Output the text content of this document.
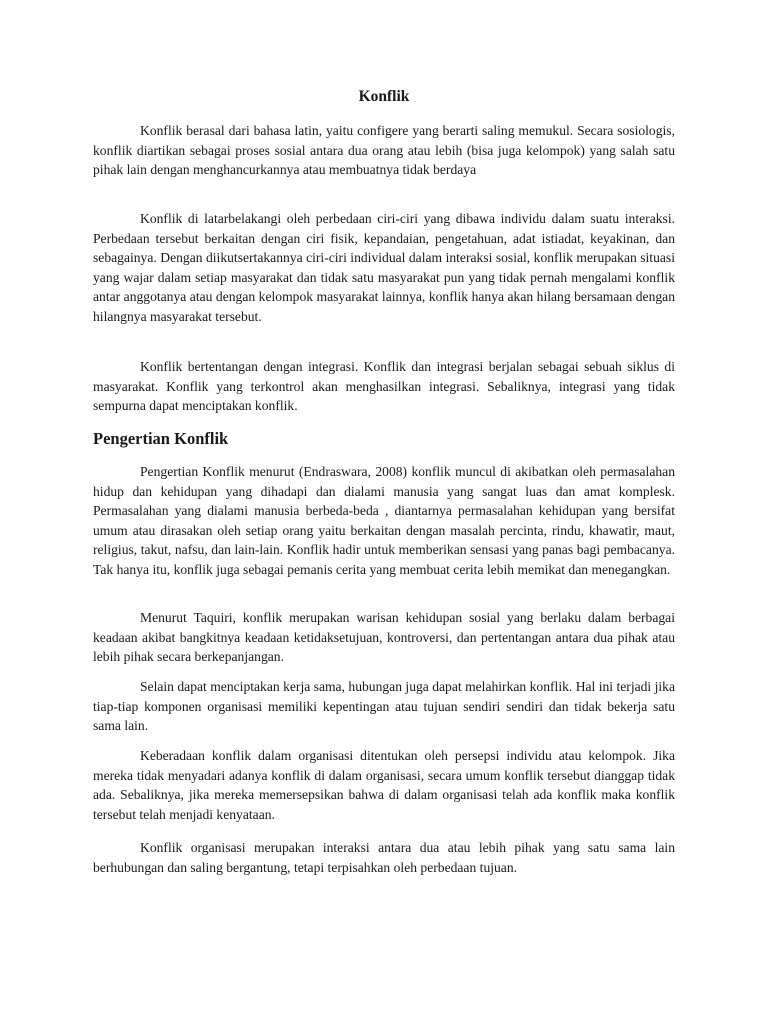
Konflik

Konflik berasal dari bahasa latin, yaitu configere yang berarti saling memukul. Secara sosiologis, konflik diartikan sebagai proses sosial antara dua orang atau lebih (bisa juga kelompok) yang salah satu pihak lain dengan menghancurkannya atau membuatnya tidak berdaya

Konflik di latarbelakangi oleh perbedaan ciri-ciri yang dibawa individu dalam suatu interaksi. Perbedaan tersebut berkaitan dengan ciri fisik, kepandaian, pengetahuan, adat istiadat, keyakinan, dan sebagainya. Dengan diikutsertakannya ciri-ciri individual dalam interaksi sosial, konflik merupakan situasi yang wajar dalam setiap masyarakat dan tidak satu masyarakat pun yang tidak pernah mengalami konflik antar anggotanya atau dengan kelompok masyarakat lainnya, konflik hanya akan hilang bersamaan dengan hilangnya masyarakat tersebut.

Konflik bertentangan dengan integrasi. Konflik dan integrasi berjalan sebagai sebuah siklus di masyarakat. Konflik yang terkontrol akan menghasilkan integrasi. Sebaliknya, integrasi yang tidak sempurna dapat menciptakan konflik.

Pengertian Konflik

Pengertian Konflik menurut (Endraswara, 2008) konflik muncul di akibatkan oleh permasalahan hidup dan kehidupan yang dihadapi dan dialami manusia yang sangat luas dan amat komplesk. Permasalahan yang dialami manusia berbeda-beda , diantarnya permasalahan kehidupan yang bersifat umum atau dirasakan oleh setiap orang yaitu berkaitan dengan masalah percinta, rindu, khawatir, maut, religius, takut, nafsu, dan lain-lain. Konflik hadir untuk memberikan sensasi yang panas bagi pembacanya. Tak hanya itu, konflik juga sebagai pemanis cerita yang membuat cerita lebih memikat dan menegangkan.

Menurut Taquiri, konflik merupakan warisan kehidupan sosial yang berlaku dalam berbagai keadaan akibat bangkitnya keadaan ketidaksetujuan, kontroversi, dan pertentangan antara dua pihak atau lebih pihak secara berkepanjangan.

Selain dapat menciptakan kerja sama, hubungan juga dapat melahirkan konflik. Hal ini terjadi jika tiap-tiap komponen organisasi memiliki kepentingan atau tujuan sendiri sendiri dan tidak bekerja satu sama lain.

Keberadaan konflik dalam organisasi ditentukan oleh persepsi individu atau kelompok. Jika mereka tidak menyadari adanya konflik di dalam organisasi, secara umum konflik tersebut dianggap tidak ada. Sebaliknya, jika mereka memersepsikan bahwa di dalam organisasi telah ada konflik maka konflik tersebut telah menjadi kenyataan.

Konflik organisasi merupakan interaksi antara dua atau lebih pihak yang satu sama lain berhubungan dan saling bergantung, tetapi terpisahkan oleh perbedaan tujuan.
